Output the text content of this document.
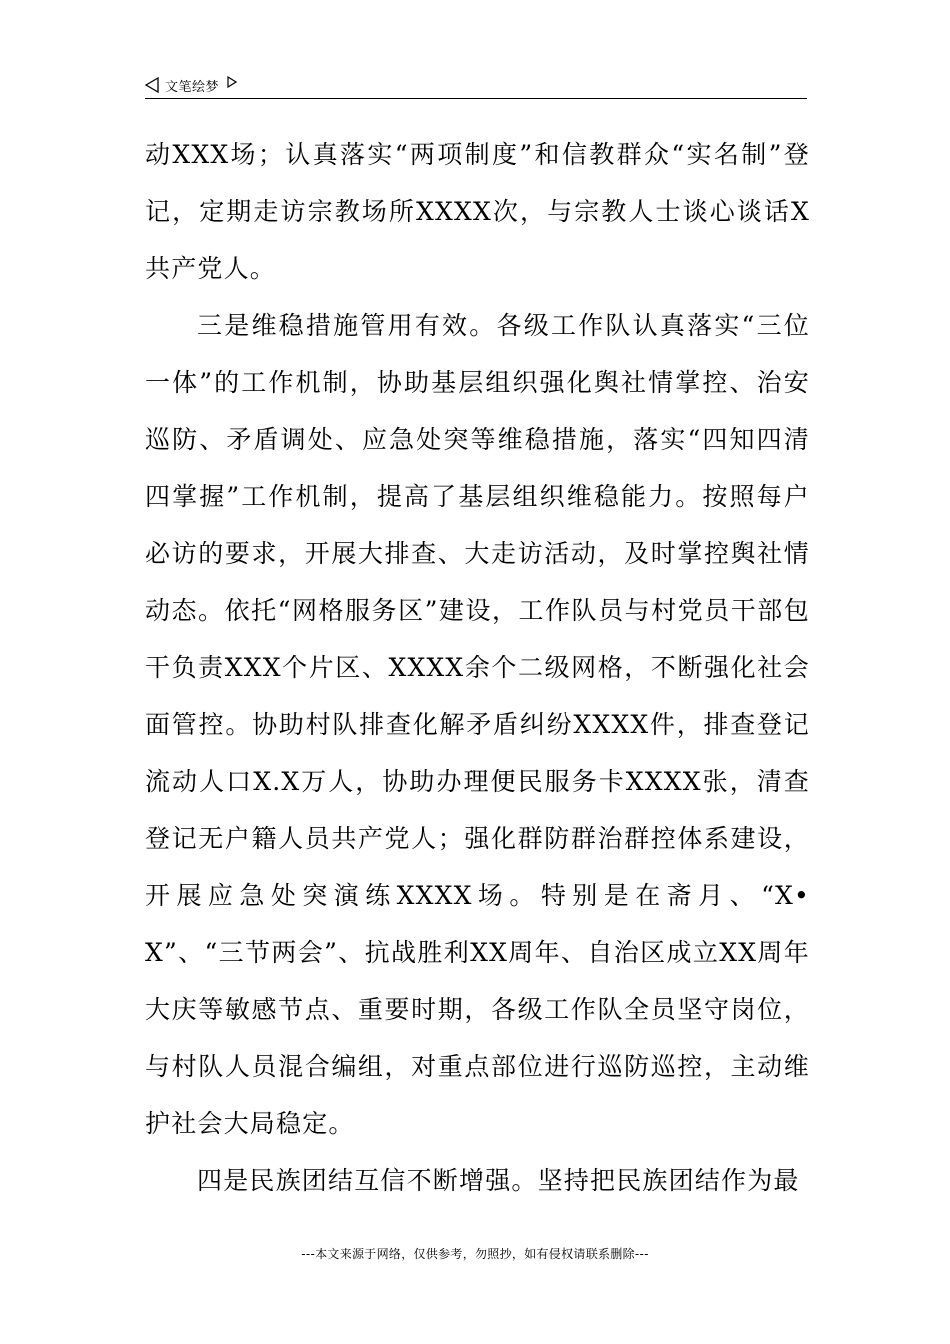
文笔绘梦

动XXX场；认真落实“两项制度”和信教群众“实名制”登记，定期走访宗教场所XXXX次，与宗教人士谈心谈话X共产党人。

三是维稳措施管用有效。各级工作队认真落实“三位一体”的工作机制，协助基层组织强化舆社情掌控、治安巡防、矛盾调处、应急处突等维稳措施，落实“四知四清四掌握”工作机制，提高了基层组织维稳能力。按照每户必访的要求，开展大排查、大走访活动，及时掌控舆社情动态。依托“网格服务区”建设，工作队员与村党员干部包干负责XXX个片区、XXXX余个二级网格，不断强化社会面管控。协助村队排查化解矛盾纠纷XXXX件，排查登记流动人口X.X万人，协助办理便民服务卡XXXX张，清查登记无户籍人员共产党人；强化群防群治群控体系建设，开展应急处突演练XXXX场。特别是在斋月、“X•X”、“三节两会”、抗战胜利XX周年、自治区成立XX周年大庆等敏感节点、重要时期，各级工作队全员坚守岗位，与村队人员混合编组，对重点部位进行巡防巡控，主动维护社会大局稳定。

四是民族团结互信不断增强。坚持把民族团结作为最

---本文来源于网络，仅供参考，勿照抄，如有侵权请联系删除---
